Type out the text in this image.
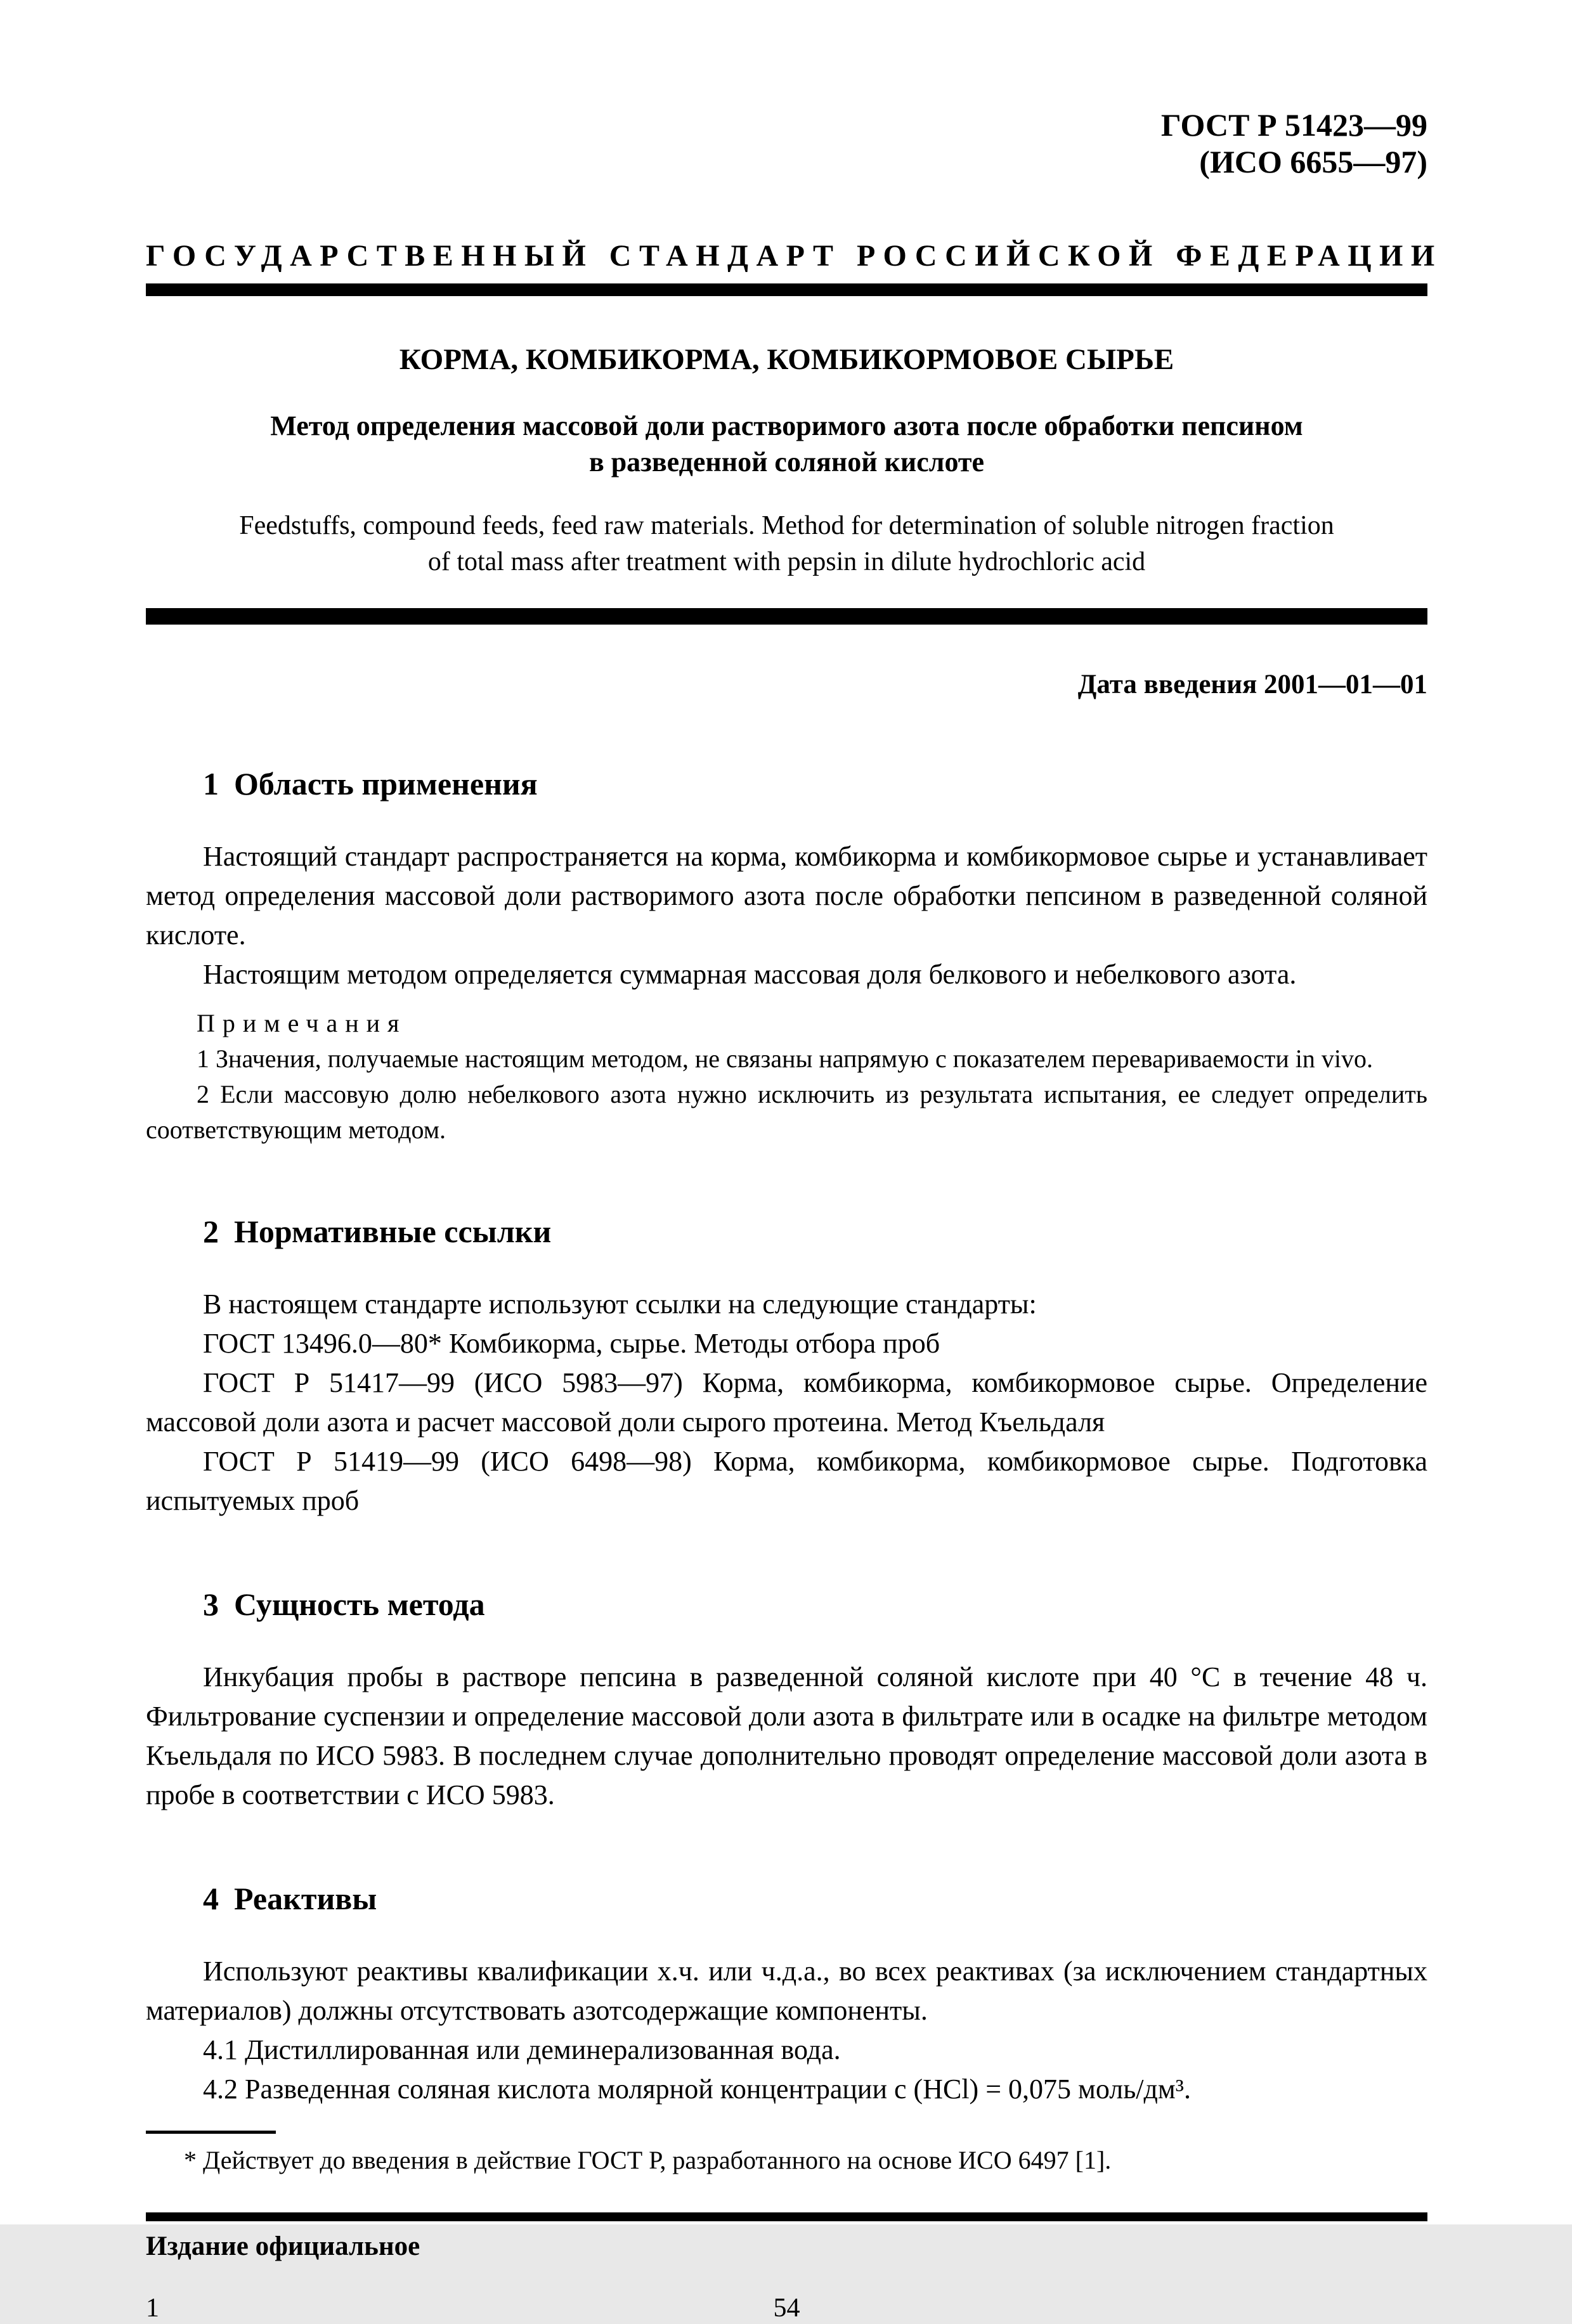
ГОСТ Р 51423—99
(ИСО 6655—97)
ГОСУДАРСТВЕННЫЙ СТАНДАРТ РОССИЙСКОЙ ФЕДЕРАЦИИ
КОРМА, КОМБИКОРМА, КОМБИКОРМОВОЕ СЫРЬЕ
Метод определения массовой доли растворимого азота после обработки пепсином
в разведенной соляной кислоте
Feedstuffs, compound feeds, feed raw materials. Method for determination of soluble nitrogen fraction
of total mass after treatment with pepsin in dilute hydrochloric acid
Дата введения 2001—01—01
1 Область применения

Настоящий стандарт распространяется на корма, комбикорма и комбикормовое сырье и устанавливает метод определения массовой доли растворимого азота после обработки пепсином в разведенной соляной кислоте.

Настоящим методом определяется суммарная массовая доля белкового и небелкового азота.

Примечания

1 Значения, получаемые настоящим методом, не связаны напрямую с показателем перевариваемости in vivo.

2 Если массовую долю небелкового азота нужно исключить из результата испытания, ее следует определить соответствующим методом.

2 Нормативные ссылки

В настоящем стандарте используют ссылки на следующие стандарты:

ГОСТ 13496.0—80* Комбикорма, сырье. Методы отбора проб

ГОСТ Р 51417—99 (ИСО 5983—97) Корма, комбикорма, комбикормовое сырье. Определение массовой доли азота и расчет массовой доли сырого протеина. Метод Къельдаля

ГОСТ Р 51419—99 (ИСО 6498—98) Корма, комбикорма, комбикормовое сырье. Подготовка испытуемых проб

3 Сущность метода

Инкубация пробы в растворе пепсина в разведенной соляной кислоте при 40 °С в течение 48 ч. Фильтрование суспензии и определение массовой доли азота в фильтрате или в осадке на фильтре методом Къельдаля по ИСО 5983. В последнем случае дополнительно проводят определение массовой доли азота в пробе в соответствии с ИСО 5983.

4 Реактивы

Используют реактивы квалификации х.ч. или ч.д.а., во всех реактивах (за исключением стандартных материалов) должны отсутствовать азотсодержащие компоненты.

4.1 Дистиллированная или деминерализованная вода.

4.2 Разведенная соляная кислота молярной концентрации с (HCl) = 0,075 моль/дм³.

* Действует до введения в действие ГОСТ Р, разработанного на основе ИСО 6497 [1].

Издание официальное
1	54
